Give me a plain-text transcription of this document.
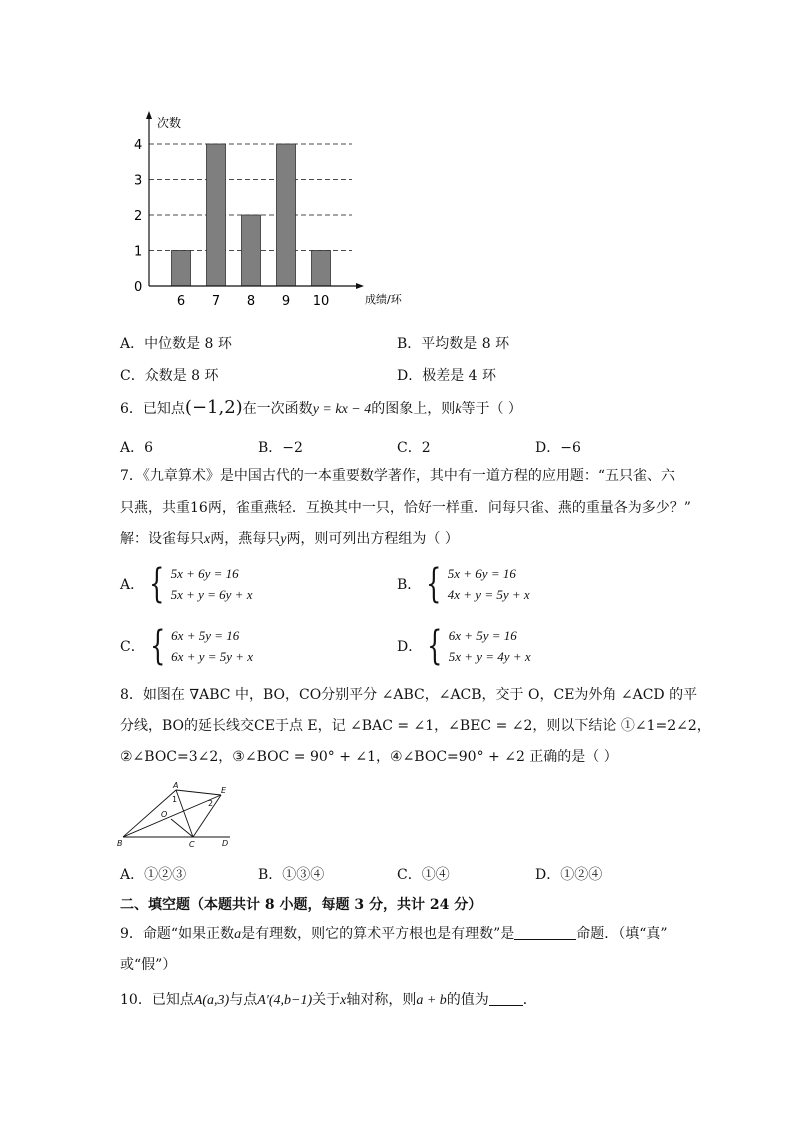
次数
成绩/环
0
1
2
3
4
6 7 8 9 10
A．中位数是 8 环	B．平均数是 8 环
C．众数是 8 环	D．极差是 4 环
6．已知点(−1,2)在一次函数y = kx − 4的图象上，则k等于（ ）
A．6	B．−2	C．2	D．−6
7．《九章算术》是中国古代的一本重要数学著作，其中有一道方程的应用题：“五只雀、六
只燕，共重16两，雀重燕轻．互换其中一只，恰好一样重．问每只雀、燕的重量各为多少？”
解：设雀每只x两，燕每只y两，则可列出方程组为（ ）
A． { 5x + 6y = 16
5x + y = 6y + x
B． { 5x + 6y = 16
4x + y = 5y + x
C． { 6x + 5y = 16
6x + y = 5y + x
D． { 6x + 5y = 16
5x + y = 4y + x
8．如图在 ∇ABC 中，BO，CO分别平分 ∠ABC，∠ACB，交于 O，CE为外角 ∠ACD 的平
分线，BO的延长线交CE于点 E，记 ∠BAC = ∠1，∠BEC = ∠2，则以下结论 ①∠1=2∠2，
②∠BOC=3∠2，③∠BOC = 90° + ∠1，④∠BOC=90° + ∠2 正确的是（ ）
A
B	C	D
E
O
1	2
A．①②③	B．①③④	C．①④	D．①②④
二、填空题（本题共计 8 小题，每题 3 分，共计 24 分）
9．命题“如果正数a是有理数，则它的算术平方根也是有理数”是	命题．（填“真”
或“假”）
10．已知点A(a,3)与点A′(4,b−1)关于x轴对称，则a + b的值为 ．
